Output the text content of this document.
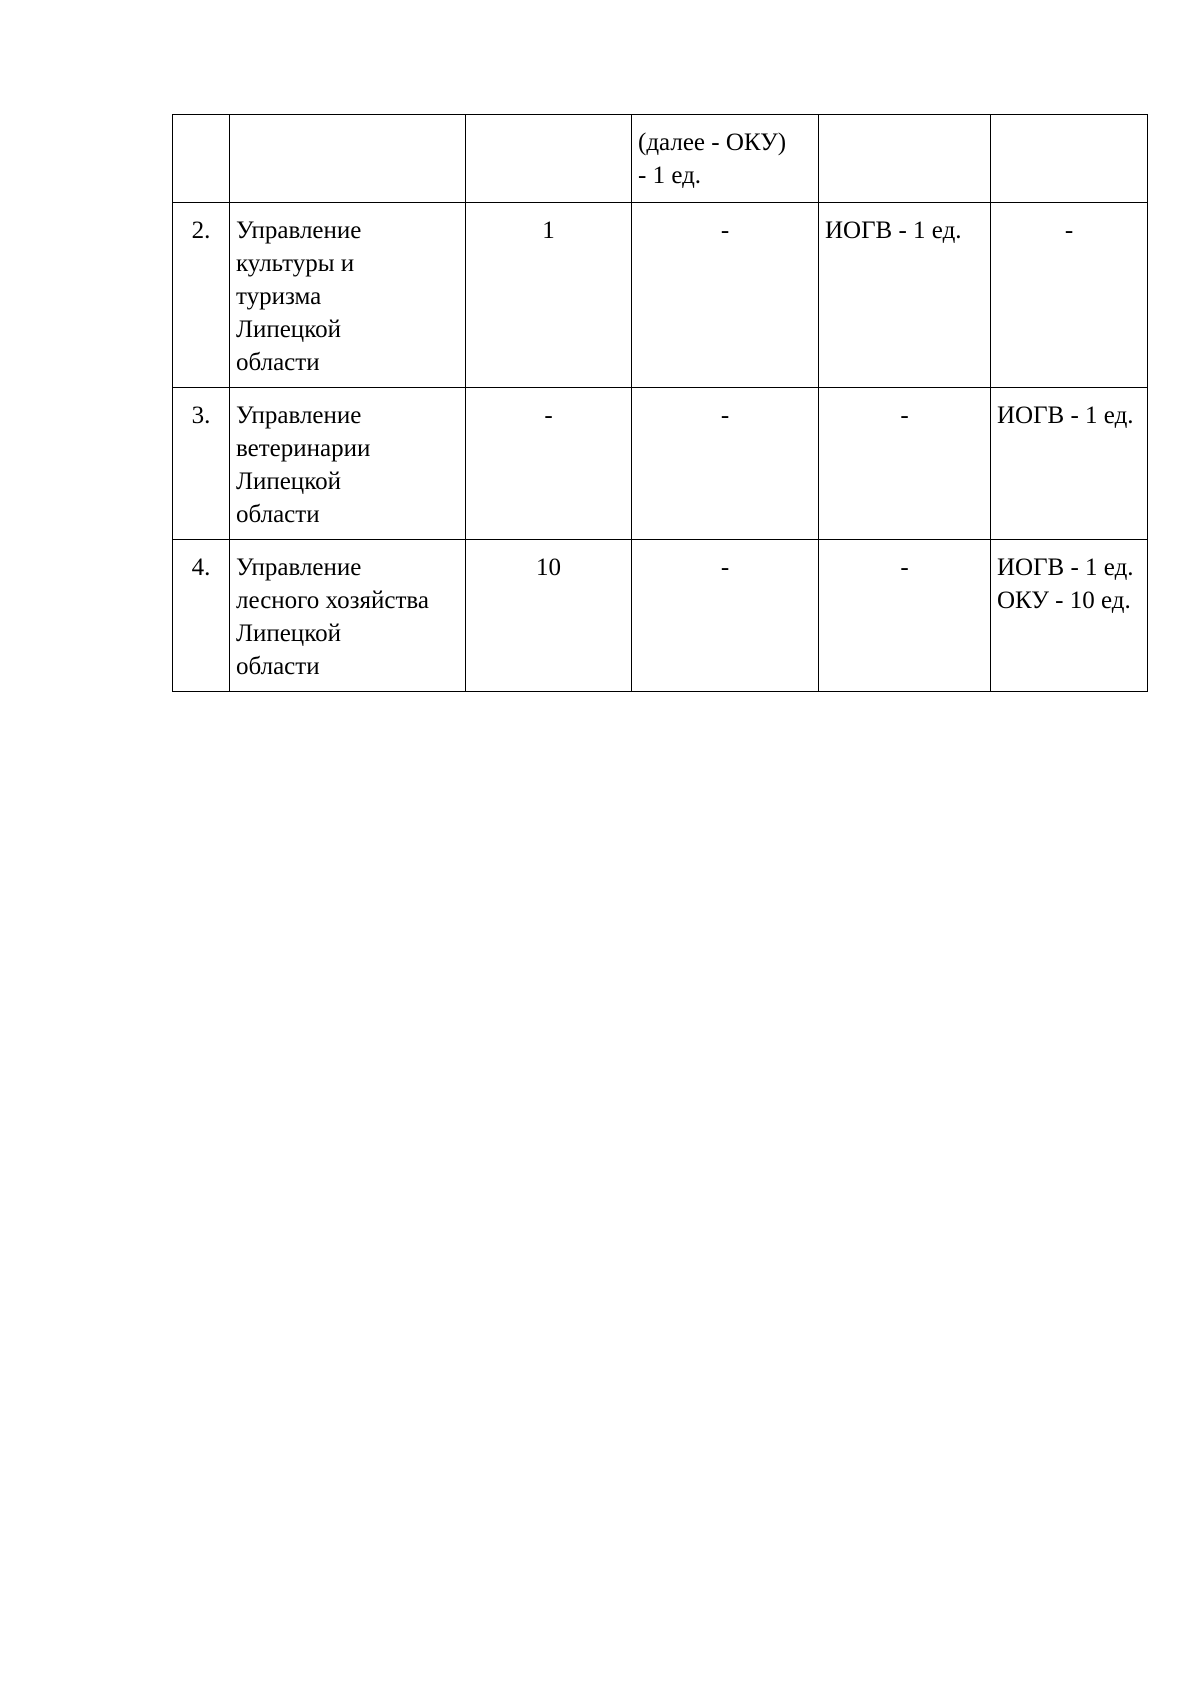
			(далее - ОКУ)
- 1 ед.		

2.	Управление
культуры и
туризма
Липецкой
области	1	-	ИОГВ - 1 ед.	-

3.	Управление
ветеринарии
Липецкой
области	-	-	-	ИОГВ - 1 ед.

4.	Управление
лесного хозяйства
Липецкой
области	10	-	-	ИОГВ - 1 ед.
ОКУ - 10 ед.
